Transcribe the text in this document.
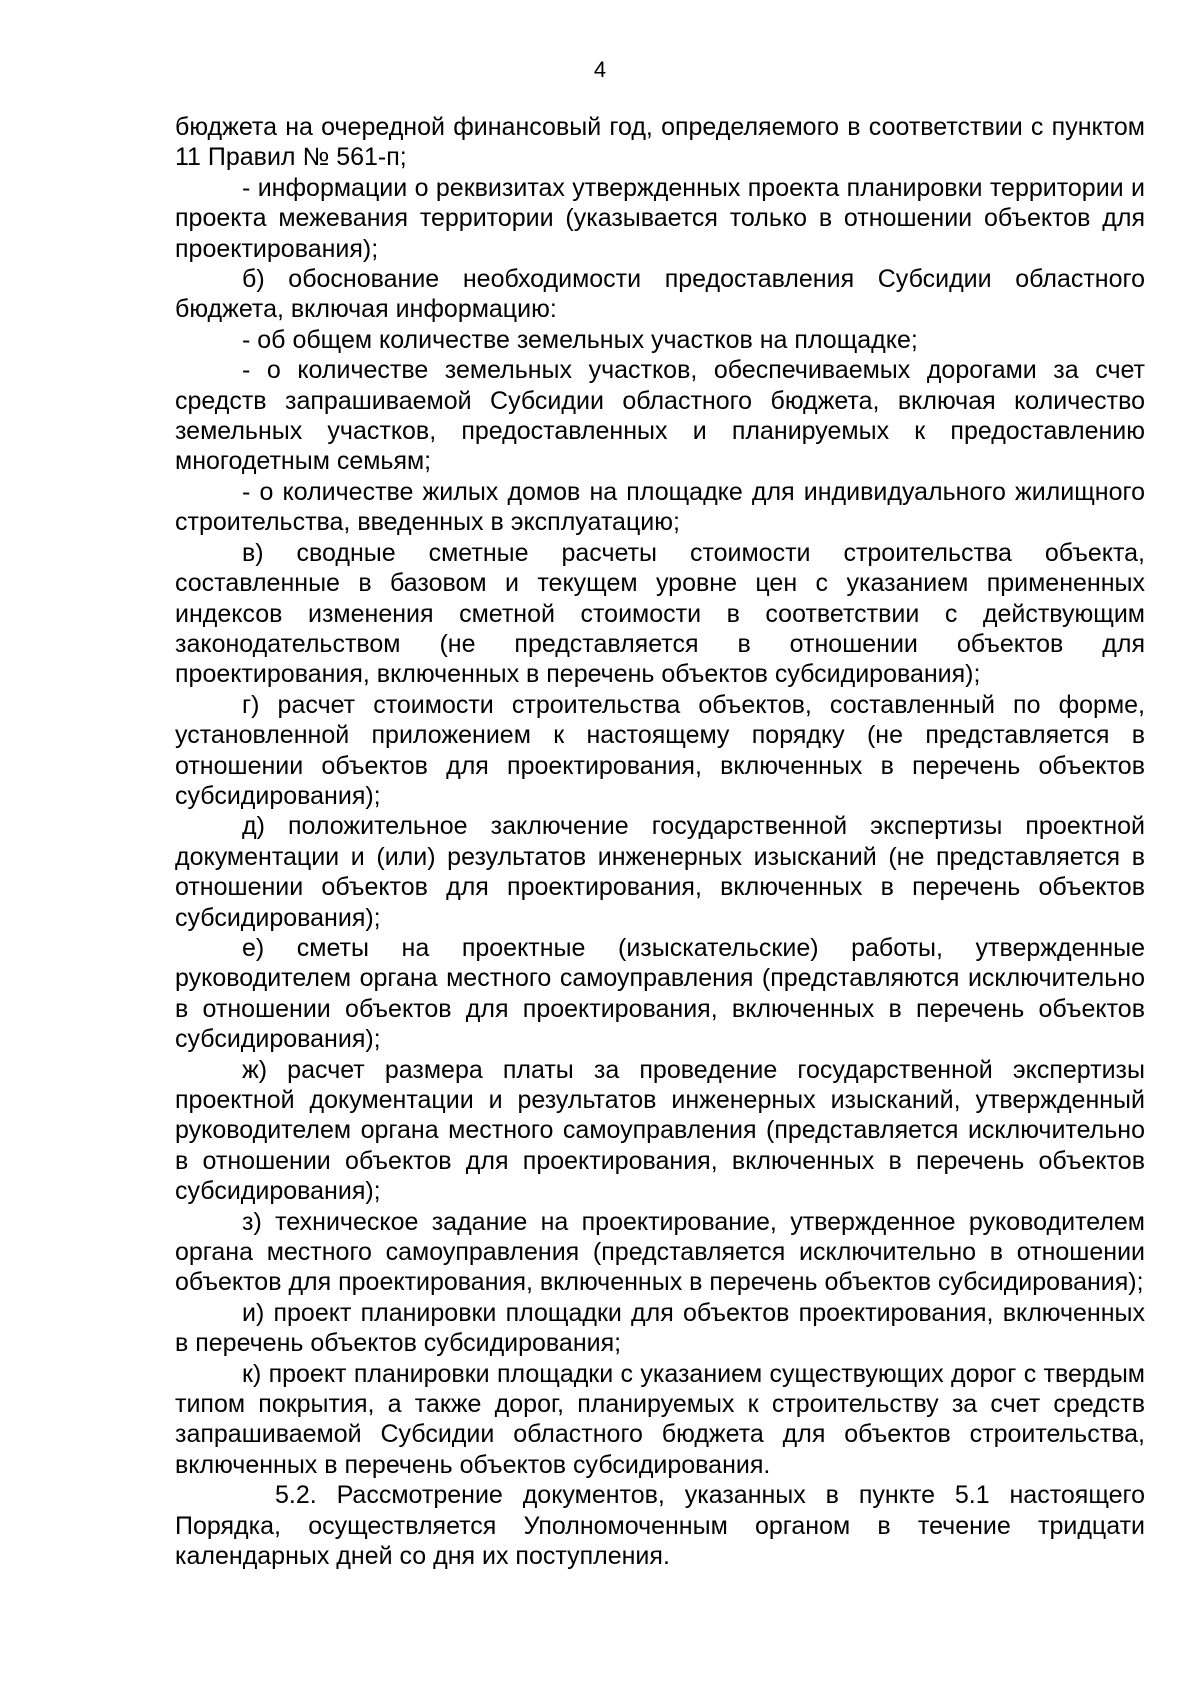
4

бюджета на очередной финансовый год, определяемого в соответствии с пунктом 11 Правил № 561-п;

- информации о реквизитах утвержденных проекта планировки территории и проекта межевания территории (указывается только в отношении объектов для проектирования);

б) обоснование необходимости предоставления Субсидии областного бюджета, включая информацию:

- об общем количестве земельных участков на площадке;

- о количестве земельных участков, обеспечиваемых дорогами за счет средств запрашиваемой Субсидии областного бюджета, включая количество земельных участков, предоставленных и планируемых к предоставлению многодетным семьям;

- о количестве жилых домов на площадке для индивидуального жилищного строительства, введенных в эксплуатацию;

в) сводные сметные расчеты стоимости строительства объекта, составленные в базовом и текущем уровне цен с указанием примененных индексов изменения сметной стоимости в соответствии с действующим законодательством (не представляется в отношении объектов для проектирования, включенных в перечень объектов субсидирования);

г) расчет стоимости строительства объектов, составленный по форме, установленной приложением к настоящему порядку (не представляется в отношении объектов для проектирования, включенных в перечень объектов субсидирования);

д) положительное заключение государственной экспертизы проектной документации и (или) результатов инженерных изысканий (не представляется в отношении объектов для проектирования, включенных в перечень объектов субсидирования);

е) сметы на проектные (изыскательские) работы, утвержденные руководителем органа местного самоуправления (представляются исключительно в отношении объектов для проектирования, включенных в перечень объектов субсидирования);

ж) расчет размера платы за проведение государственной экспертизы проектной документации и результатов инженерных изысканий, утвержденный руководителем органа местного самоуправления (представляется исключительно в отношении объектов для проектирования, включенных в перечень объектов субсидирования);

з) техническое задание на проектирование, утвержденное руководителем органа местного самоуправления (представляется исключительно в отношении объектов для проектирования, включенных в перечень объектов субсидирования);

и) проект планировки площадки для объектов проектирования, включенных в перечень объектов субсидирования;

к) проект планировки площадки с указанием существующих дорог с твердым типом покрытия, а также дорог, планируемых к строительству за счет средств запрашиваемой Субсидии областного бюджета для объектов строительства, включенных в перечень объектов субсидирования.

5.2. Рассмотрение документов, указанных в пункте 5.1 настоящего Порядка, осуществляется Уполномоченным органом в течение тридцати календарных дней со дня их поступления.
